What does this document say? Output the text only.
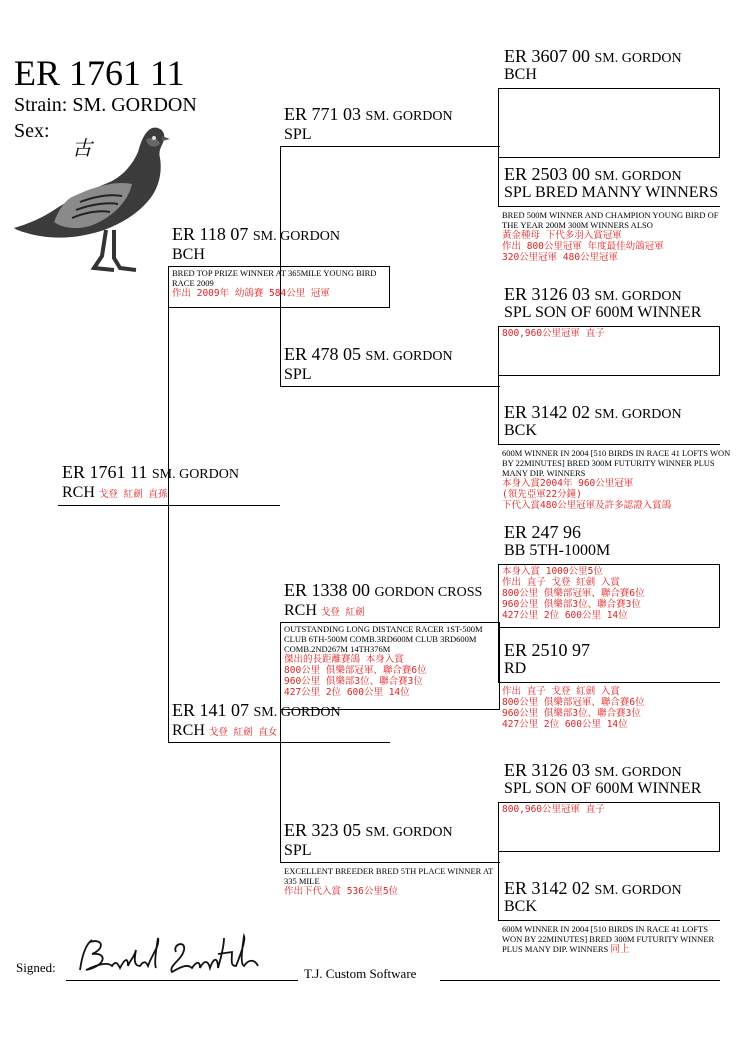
ER 1761 11
Strain: SM. GORDON
Sex:
古
ER 1761 11 SM. GORDON
RCH 戈登 紅劍 直孫
ER 118 07 SM. GORDON
BCH
BRED TOP PRIZE WINNER AT 365MILE YOUNG BIRD RACE 2009
作出 2009年 幼鴿賽 584公里 冠軍
ER 141 07 SM. GORDON
RCH 戈登 紅劍 直女
ER 771 03 SM. GORDON
SPL
ER 478 05 SM. GORDON
SPL
ER 1338 00 GORDON CROSS
RCH 戈登 紅劍
OUTSTANDING LONG DISTANCE RACER 1ST-500M CLUB 6TH-500M COMB.3RD600M CLUB 3RD600M COMB.2ND267M 14TH376M
傑出的長距離賽鴿 本身入賞
800公里 俱樂部冠軍、聯合賽6位
960公里 俱樂部3位、聯合賽3位
427公里 2位 600公里 14位
ER 323 05 SM. GORDON
SPL
EXCELLENT BREEDER BRED 5TH PLACE WINNER AT 335 MILE
作出下代入賞 536公里5位
ER 3607 00 SM. GORDON
BCH
ER 2503 00 SM. GORDON
SPL BRED MANNY WINNERS
BRED 500M WINNER AND CHAMPION YOUNG BIRD OF THE YEAR 200M 300M WINNERS ALSO
黃金種母 下代多羽入賞冠軍
作出 800公里冠軍 年度最佳幼鴿冠軍
320公里冠軍 480公里冠軍
ER 3126 03 SM. GORDON
SPL SON OF 600M WINNER
800,960公里冠軍 直子
ER 3142 02 SM. GORDON
BCK
600M WINNER IN 2004 [510 BIRDS IN RACE 41 LOFTS WON BY 22MINUTES] BRED 300M FUTURITY WINNER PLUS MANY DIP. WINNERS
本身入賞2004年 960公里冠軍
(領先亞軍22分鐘)
下代入賞480公里冠軍及許多認證入賞鴿
ER 247 96
BB 5TH-1000M
本身入賞 1000公里5位
作出 直子 戈登 紅劍 入賞
800公里 俱樂部冠軍、聯合賽6位
960公里 俱樂部3位、聯合賽3位
427公里 2位 600公里 14位
ER 2510 97
RD
作出 直子 戈登 紅劍 入賞
800公里 俱樂部冠軍、聯合賽6位
960公里 俱樂部3位、聯合賽3位
427公里 2位 600公里 14位
ER 3126 03 SM. GORDON
SPL SON OF 600M WINNER
800,960公里冠軍 直子
ER 3142 02 SM. GORDON
BCK
600M WINNER IN 2004 [510 BIRDS IN RACE 41 LOFTS WON BY 22MINUTES] BRED 300M FUTURITY WINNER PLUS MANY DIP. WINNERS 同上
Signed:	T.J. Custom Software
